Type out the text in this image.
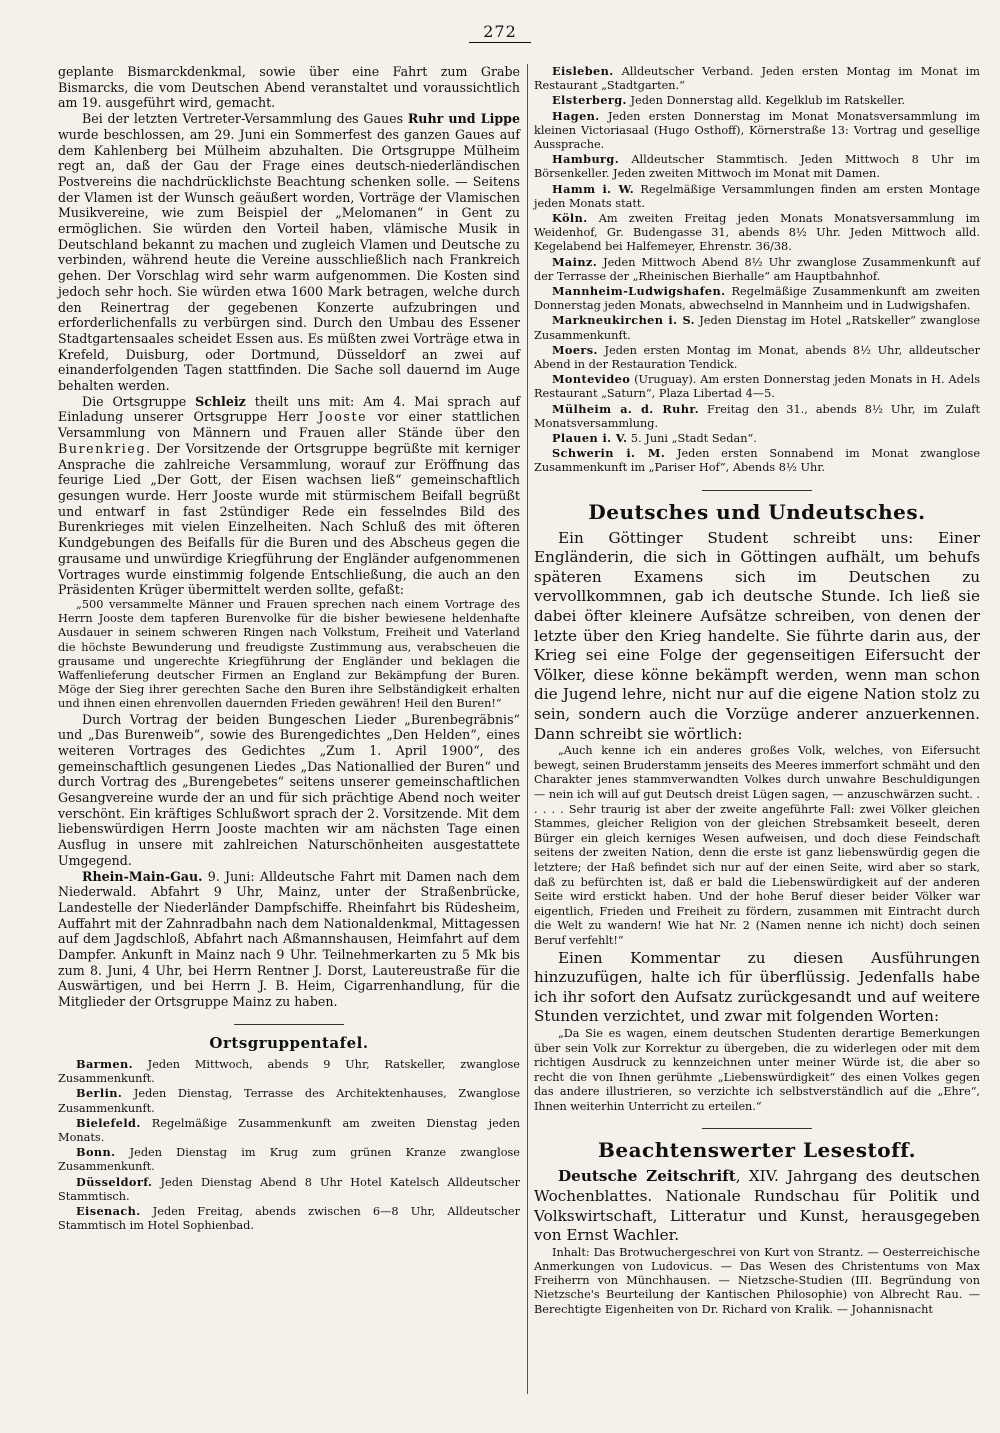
272

geplante Bismarckdenkmal, sowie über eine Fahrt zum Grabe Bismarcks, die vom Deutschen Abend veranstaltet und voraussichtlich am 19. ausgeführt wird, gemacht.

Bei der letzten Vertreter-Versammlung des Gaues Ruhr und Lippe wurde beschlossen, am 29. Juni ein Sommerfest des ganzen Gaues auf dem Kahlenberg bei Mülheim abzuhalten. Die Ortsgruppe Mülheim regt an, daß der Gau der Frage eines deutsch-niederländischen Postvereins die nachdrücklichste Beachtung schenken solle. — Seitens der Vlamen ist der Wunsch geäußert worden, Vorträge der Vlamischen Musikvereine, wie zum Beispiel der „Melomanen“ in Gent zu ermöglichen. Sie würden den Vorteil haben, vlämische Musik in Deutschland bekannt zu machen und zugleich Vlamen und Deutsche zu verbinden, während heute die Vereine ausschließlich nach Frankreich gehen. Der Vorschlag wird sehr warm aufgenommen. Die Kosten sind jedoch sehr hoch. Sie würden etwa 1600 Mark betragen, welche durch den Reinertrag der gegebenen Konzerte aufzubringen und erforderlichenfalls zu verbürgen sind. Durch den Umbau des Essener Stadtgartensaales scheidet Essen aus. Es müßten zwei Vorträge etwa in Krefeld, Duisburg, oder Dortmund, Düsseldorf an zwei auf einanderfolgenden Tagen stattfinden. Die Sache soll dauernd im Auge behalten werden.

Die Ortsgruppe Schleiz theilt uns mit: Am 4. Mai sprach auf Einladung unserer Ortsgruppe Herr Jooste vor einer stattlichen Versammlung von Männern und Frauen aller Stände über den Burenkrieg. Der Vorsitzende der Ortsgruppe begrüßte mit kerniger Ansprache die zahlreiche Versammlung, worauf zur Eröffnung das feurige Lied „Der Gott, der Eisen wachsen ließ“ gemeinschaftlich gesungen wurde. Herr Jooste wurde mit stürmischem Beifall begrüßt und entwarf in fast 2stündiger Rede ein fesselndes Bild des Burenkrieges mit vielen Einzelheiten. Nach Schluß des mit öfteren Kundgebungen des Beifalls für die Buren und des Abscheus gegen die grausame und unwürdige Kriegführung der Engländer aufgenommenen Vortrages wurde einstimmig folgende Entschließung, die auch an den Präsidenten Krüger übermittelt werden sollte, gefaßt:

„500 versammelte Männer und Frauen sprechen nach einem Vortrage des Herrn Jooste dem tapferen Burenvolke für die bisher bewiesene heldenhafte Ausdauer in seinem schweren Ringen nach Volkstum, Freiheit und Vaterland die höchste Bewunderung und freudigste Zustimmung aus, verabscheuen die grausame und ungerechte Kriegführung der Engländer und beklagen die Waffenlieferung deutscher Firmen an England zur Bekämpfung der Buren. Möge der Sieg ihrer gerechten Sache den Buren ihre Selbständigkeit erhalten und ihnen einen ehrenvollen dauernden Frieden gewähren! Heil den Buren!“

Durch Vortrag der beiden Bungeschen Lieder „Burenbegräbnis“ und „Das Burenweib“, sowie des Burengedichtes „Den Helden“, eines weiteren Vortrages des Gedichtes „Zum 1. April 1900“, des gemeinschaftlich gesungenen Liedes „Das Nationallied der Buren“ und durch Vortrag des „Burengebetes“ seitens unserer gemeinschaftlichen Gesangvereine wurde der an und für sich prächtige Abend noch weiter verschönt. Ein kräftiges Schlußwort sprach der 2. Vorsitzende. Mit dem liebenswürdigen Herrn Jooste machten wir am nächsten Tage einen Ausflug in unsere mit zahlreichen Naturschönheiten ausgestattete Umgegend.

Rhein-Main-Gau. 9. Juni: Alldeutsche Fahrt mit Damen nach dem Niederwald. Abfahrt 9 Uhr, Mainz, unter der Straßenbrücke, Landestelle der Niederländer Dampfschiffe. Rheinfahrt bis Rüdesheim, Auffahrt mit der Zahnradbahn nach dem Nationaldenkmal, Mittagessen auf dem Jagdschloß, Abfahrt nach Aßmannshausen, Heimfahrt auf dem Dampfer. Ankunft in Mainz nach 9 Uhr. Teilnehmerkarten zu 5 Mk bis zum 8. Juni, 4 Uhr, bei Herrn Rentner J. Dorst, Lautereustraße für die Auswärtigen, und bei Herrn J. B. Heim, Cigarrenhandlung, für die Mitglieder der Ortsgruppe Mainz zu haben.

Ortsgruppentafel.

Barmen. Jeden Mittwoch, abends 9 Uhr, Ratskeller, zwanglose Zusammenkunft.

Berlin. Jeden Dienstag, Terrasse des Architektenhauses, Zwanglose Zusammenkunft.

Bielefeld. Regelmäßige Zusammenkunft am zweiten Dienstag jeden Monats.

Bonn. Jeden Dienstag im Krug zum grünen Kranze zwanglose Zusammenkunft.

Düsseldorf. Jeden Dienstag Abend 8 Uhr Hotel Katelsch Alldeutscher Stammtisch.

Eisenach. Jeden Freitag, abends zwischen 6—8 Uhr, Alldeutscher Stammtisch im Hotel Sophienbad.

Eisleben. Alldeutscher Verband. Jeden ersten Montag im Monat im Restaurant „Stadtgarten.“

Elsterberg. Jeden Donnerstag alld. Kegelklub im Ratskeller.

Hagen. Jeden ersten Donnerstag im Monat Monatsversammlung im kleinen Victoriasaal (Hugo Osthoff), Körnerstraße 13: Vortrag und gesellige Aussprache.

Hamburg. Alldeutscher Stammtisch. Jeden Mittwoch 8 Uhr im Börsenkeller. Jeden zweiten Mittwoch im Monat mit Damen.

Hamm i. W. Regelmäßige Versammlungen finden am ersten Montage jeden Monats statt.

Köln. Am zweiten Freitag jeden Monats Monatsversammlung im Weidenhof, Gr. Budengasse 31, abends 8½ Uhr. Jeden Mittwoch alld. Kegelabend bei Halfemeyer, Ehrenstr. 36/38.

Mainz. Jeden Mittwoch Abend 8½ Uhr zwanglose Zusammenkunft auf der Terrasse der „Rheinischen Bierhalle“ am Hauptbahnhof.

Mannheim-Ludwigshafen. Regelmäßige Zusammenkunft am zweiten Donnerstag jeden Monats, abwechselnd in Mannheim und in Ludwigshafen.

Markneukirchen i. S. Jeden Dienstag im Hotel „Ratskeller“ zwanglose Zusammenkunft.

Moers. Jeden ersten Montag im Monat, abends 8½ Uhr, alldeutscher Abend in der Restauration Tendick.

Montevideo (Uruguay). Am ersten Donnerstag jeden Monats in H. Adels Restaurant „Saturn“, Plaza Libertad 4—5.

Mülheim a. d. Ruhr. Freitag den 31., abends 8½ Uhr, im Zulaft Monatsversammlung.

Plauen i. V. 5. Juni „Stadt Sedan“.

Schwerin i. M. Jeden ersten Sonnabend im Monat zwanglose Zusammenkunft im „Pariser Hof“, Abends 8½ Uhr.

Deutsches und Undeutsches.

Ein Göttinger Student schreibt uns: Einer Engländerin, die sich in Göttingen aufhält, um behufs späteren Examens sich im Deutschen zu vervollkommnen, gab ich deutsche Stunde. Ich ließ sie dabei öfter kleinere Aufsätze schreiben, von denen der letzte über den Krieg handelte. Sie führte darin aus, der Krieg sei eine Folge der gegenseitigen Eifersucht der Völker, diese könne bekämpft werden, wenn man schon die Jugend lehre, nicht nur auf die eigene Nation stolz zu sein, sondern auch die Vorzüge anderer anzuerkennen. Dann schreibt sie wörtlich:

„Auch kenne ich ein anderes großes Volk, welches, von Eifersucht bewegt, seinen Bruderstamm jenseits des Meeres immerfort schmäht und den Charakter jenes stammverwandten Volkes durch unwahre Beschuldigungen — nein ich will auf gut Deutsch dreist Lügen sagen, — anzuschwärzen sucht. . . . . . Sehr traurig ist aber der zweite angeführte Fall: zwei Völker gleichen Stammes, gleicher Religion von der gleichen Strebsamkeit beseelt, deren Bürger ein gleich kerniges Wesen aufweisen, und doch diese Feindschaft seitens der zweiten Nation, denn die erste ist ganz liebenswürdig gegen die letztere; der Haß befindet sich nur auf der einen Seite, wird aber so stark, daß zu befürchten ist, daß er bald die Liebenswürdigkeit auf der anderen Seite wird erstickt haben. Und der hohe Beruf dieser beider Völker war eigentlich, Frieden und Freiheit zu fördern, zusammen mit Eintracht durch die Welt zu wandern! Wie hat Nr. 2 (Namen nenne ich nicht) doch seinen Beruf verfehlt!“

Einen Kommentar zu diesen Ausführungen hinzuzufügen, halte ich für überflüssig. Jedenfalls habe ich ihr sofort den Aufsatz zurückgesandt und auf weitere Stunden verzichtet, und zwar mit folgenden Worten:

„Da Sie es wagen, einem deutschen Studenten derartige Bemerkungen über sein Volk zur Korrektur zu übergeben, die zu widerlegen oder mit dem richtigen Ausdruck zu kennzeichnen unter meiner Würde ist, die aber so recht die von Ihnen gerühmte „Liebenswürdigkeit“ des einen Volkes gegen das andere illustrieren, so verzichte ich selbstverständlich auf die „Ehre“, Ihnen weiterhin Unterricht zu erteilen.“

Beachtenswerter Lesestoff.

Deutsche Zeitschrift, XIV. Jahrgang des deutschen Wochenblattes. Nationale Rundschau für Politik und Volkswirtschaft, Litteratur und Kunst, herausgegeben von Ernst Wachler.

Inhalt: Das Brotwuchergeschrei von Kurt von Strantz. — Oesterreichische Anmerkungen von Ludovicus. — Das Wesen des Christentums von Max Freiherrn von Münchhausen. — Nietzsche-Studien (III. Begründung von Nietzsche's Beurteilung der Kantischen Philosophie) von Albrecht Rau. — Berechtigte Eigenheiten von Dr. Richard von Kralik. — Johannisnacht
